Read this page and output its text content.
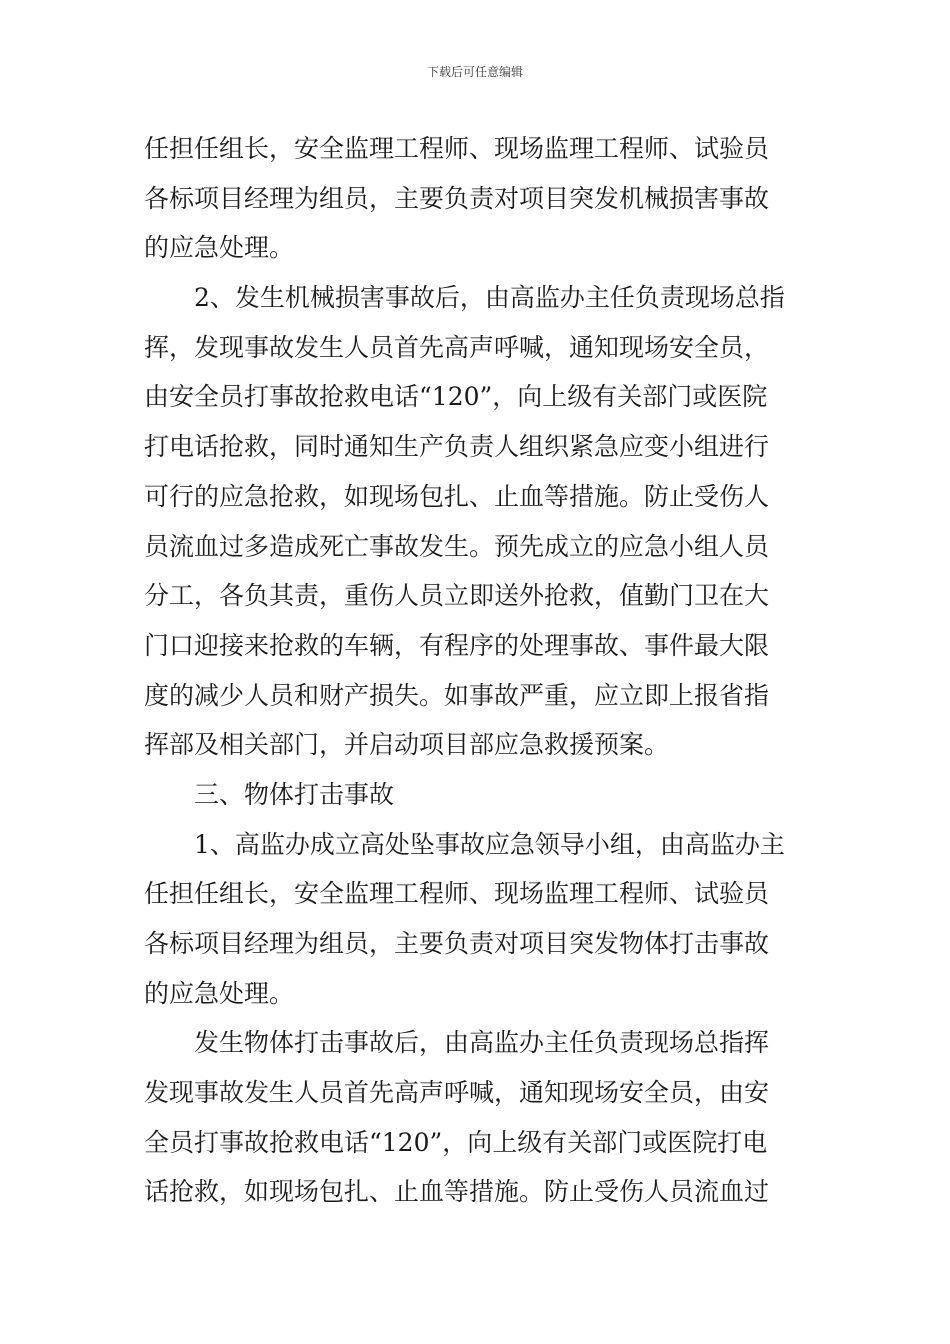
下载后可任意编辑
任担任组长，安全监理工程师、现场监理工程师、试验员
各标项目经理为组员，主要负责对项目突发机械损害事故
的应急处理。
2、发生机械损害事故后，由高监办主任负责现场总指
挥，发现事故发生人员首先高声呼喊，通知现场安全员，
由安全员打事故抢救电话“120”，向上级有关部门或医院
打电话抢救，同时通知生产负责人组织紧急应变小组进行
可行的应急抢救，如现场包扎、止血等措施。防止受伤人
员流血过多造成死亡事故发生。预先成立的应急小组人员
分工，各负其责，重伤人员立即送外抢救，值勤门卫在大
门口迎接来抢救的车辆，有程序的处理事故、事件最大限
度的减少人员和财产损失。如事故严重，应立即上报省指
挥部及相关部门，并启动项目部应急救援预案。
三、物体打击事故
1、高监办成立高处坠事故应急领导小组，由高监办主
任担任组长，安全监理工程师、现场监理工程师、试验员
各标项目经理为组员，主要负责对项目突发物体打击事故
的应急处理。
发生物体打击事故后，由高监办主任负责现场总指挥
发现事故发生人员首先高声呼喊，通知现场安全员，由安
全员打事故抢救电话“120”，向上级有关部门或医院打电
话抢救，如现场包扎、止血等措施。防止受伤人员流血过
